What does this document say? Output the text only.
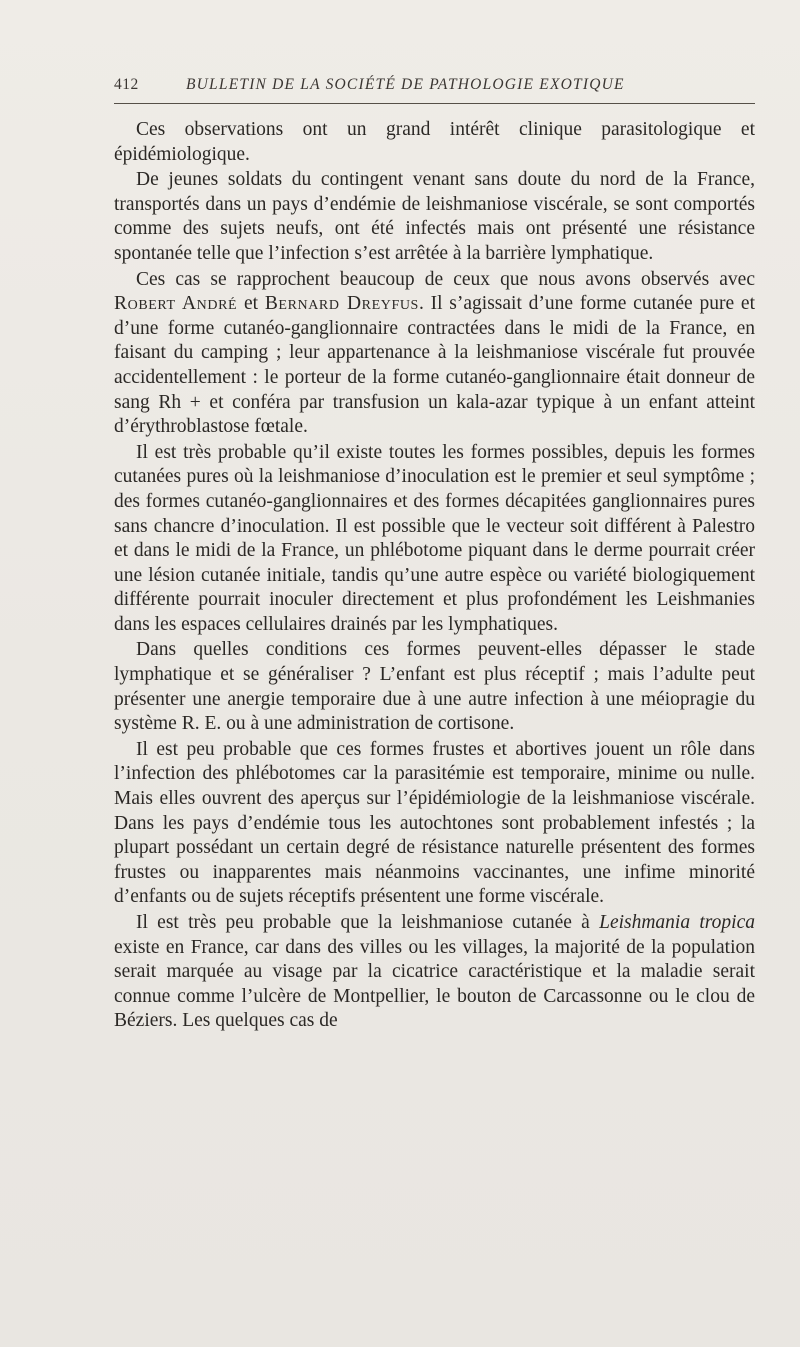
412	BULLETIN DE LA SOCIÉTÉ DE PATHOLOGIE EXOTIQUE

Ces observations ont un grand intérêt clinique parasitologique et épidémiologique.

De jeunes soldats du contingent venant sans doute du nord de la France, transportés dans un pays d’endémie de leishmaniose viscérale, se sont comportés comme des sujets neufs, ont été infectés mais ont présenté une résistance spontanée telle que l’infection s’est arrêtée à la barrière lymphatique.

Ces cas se rapprochent beaucoup de ceux que nous avons observés avec Robert André et Bernard Dreyfus. Il s’agissait d’une forme cutanée pure et d’une forme cutanéo-ganglionnaire contractées dans le midi de la France, en faisant du camping ; leur appartenance à la leishmaniose viscérale fut prouvée accidentellement : le porteur de la forme cutanéo-ganglionnaire était donneur de sang Rh + et conféra par transfusion un kala-azar typique à un enfant atteint d’érythroblastose fœtale.

Il est très probable qu’il existe toutes les formes possibles, depuis les formes cutanées pures où la leishmaniose d’inoculation est le premier et seul symptôme ; des formes cutanéo-ganglionnaires et des formes décapitées ganglionnaires pures sans chancre d’inoculation. Il est possible que le vecteur soit différent à Palestro et dans le midi de la France, un phlébotome piquant dans le derme pourrait créer une lésion cutanée initiale, tandis qu’une autre espèce ou variété biologiquement différente pourrait inoculer directement et plus profondément les Leishmanies dans les espaces cellulaires drainés par les lymphatiques.

Dans quelles conditions ces formes peuvent-elles dépasser le stade lymphatique et se généraliser ? L’enfant est plus réceptif ; mais l’adulte peut présenter une anergie temporaire due à une autre infection à une méiopragie du système R. E. ou à une administration de cortisone.

Il est peu probable que ces formes frustes et abortives jouent un rôle dans l’infection des phlébotomes car la parasitémie est temporaire, minime ou nulle. Mais elles ouvrent des aperçus sur l’épidémiologie de la leishmaniose viscérale. Dans les pays d’endémie tous les autochtones sont probablement infestés ; la plupart possédant un certain degré de résistance naturelle présentent des formes frustes ou inapparentes mais néanmoins vaccinantes, une infime minorité d’enfants ou de sujets réceptifs présentent une forme viscérale.

Il est très peu probable que la leishmaniose cutanée à Leishmania tropica existe en France, car dans des villes ou les villages, la majorité de la population serait marquée au visage par la cicatrice caractéristique et la maladie serait connue comme l’ulcère de Montpellier, le bouton de Carcassonne ou le clou de Béziers. Les quelques cas de
